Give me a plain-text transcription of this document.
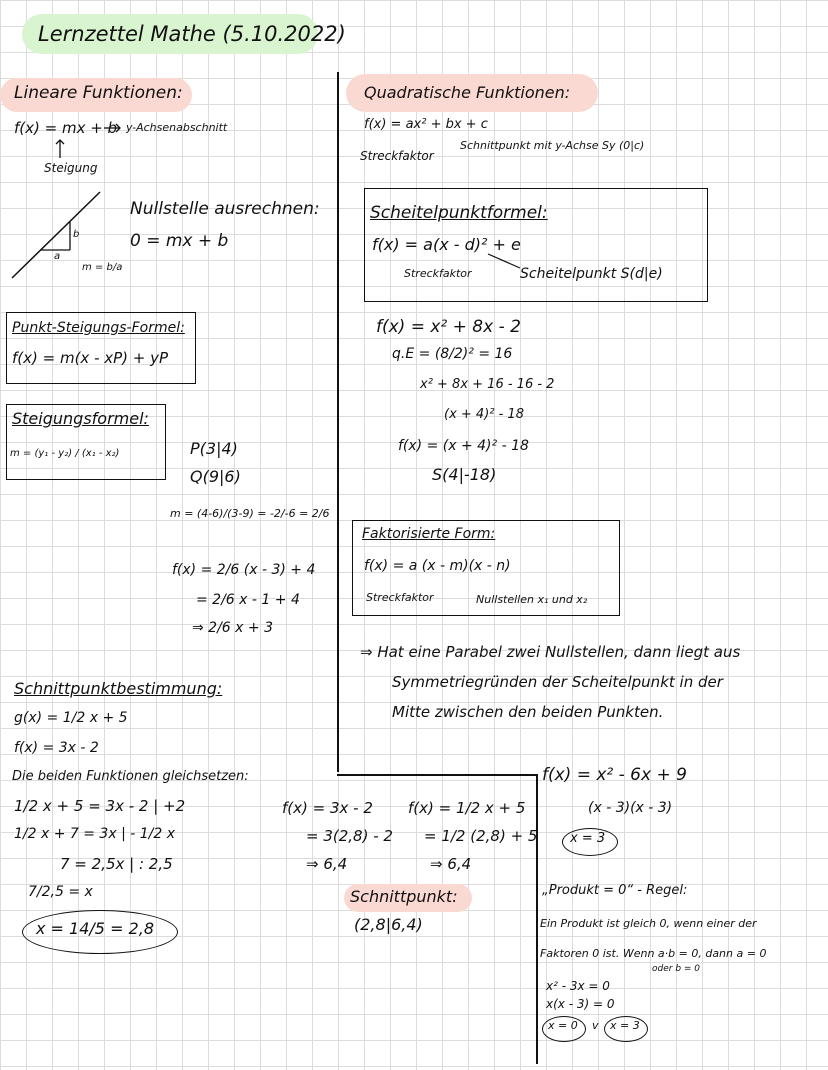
Lernzettel Mathe (5.10.2022)
Lineare Funktionen:
f(x) = mx + b y-Achsenabschnitt
Steigung
b
a
m = b/a
Nullstelle ausrechnen:
0 = mx + b
Punkt-Steigungs-Formel:
f(x) = m(x - xP) + yP
Steigungsformel:
m = (y₁ - y₂) / (x₁ - x₂)	P(3|4)
Q(9|6)
m = (4-6)/(3-9) = -2/-6 = 2/6
f(x) = 2/6 (x - 3) + 4
= 2/6 x - 1 + 4
⇒ 2/6 x + 3
Schnittpunktbestimmung:
g(x) = 1/2 x + 5
f(x) = 3x - 2
Die beiden Funktionen gleichsetzen:
1/2 x + 5 = 3x - 2 | +2
1/2 x + 7 = 3x | - 1/2 x
7 = 2,5x | : 2,5
7/2,5 = x
x = 14/5 = 2,8
f(x) = 3x - 2
= 3(2,8) - 2
⇒ 6,4
f(x) = 1/2 x + 5
= 1/2 (2,8) + 5
⇒ 6,4
Schnittpunkt:
(2,8|6,4)
Quadratische Funktionen:
f(x) = ax² + bx + c
Streckfaktor
Schnittpunkt mit y-Achse Sy (0|c)
Scheitelpunktformel:
f(x) = a(x - d)² + e
Streckfaktor	Scheitelpunkt S(d|e)
f(x) = x² + 8x - 2
q.E = (8/2)² = 16
x² + 8x + 16 - 16 - 2
(x + 4)² - 18
f(x) = (x + 4)² - 18
S(4|-18)
Faktorisierte Form:
f(x) = a (x - m)(x - n)
Streckfaktor	Nullstellen x₁ und x₂
⇒ Hat eine Parabel zwei Nullstellen, dann liegt aus
Symmetriegründen der Scheitelpunkt in der
Mitte zwischen den beiden Punkten.
f(x) = x² - 6x + 9
(x - 3)(x - 3)
x = 3
„Produkt = 0“ - Regel:
Ein Produkt ist gleich 0, wenn einer der
Faktoren 0 ist. Wenn a·b = 0, dann a = 0
oder b = 0
x² - 3x = 0
x(x - 3) = 0
x = 0 v x = 3
